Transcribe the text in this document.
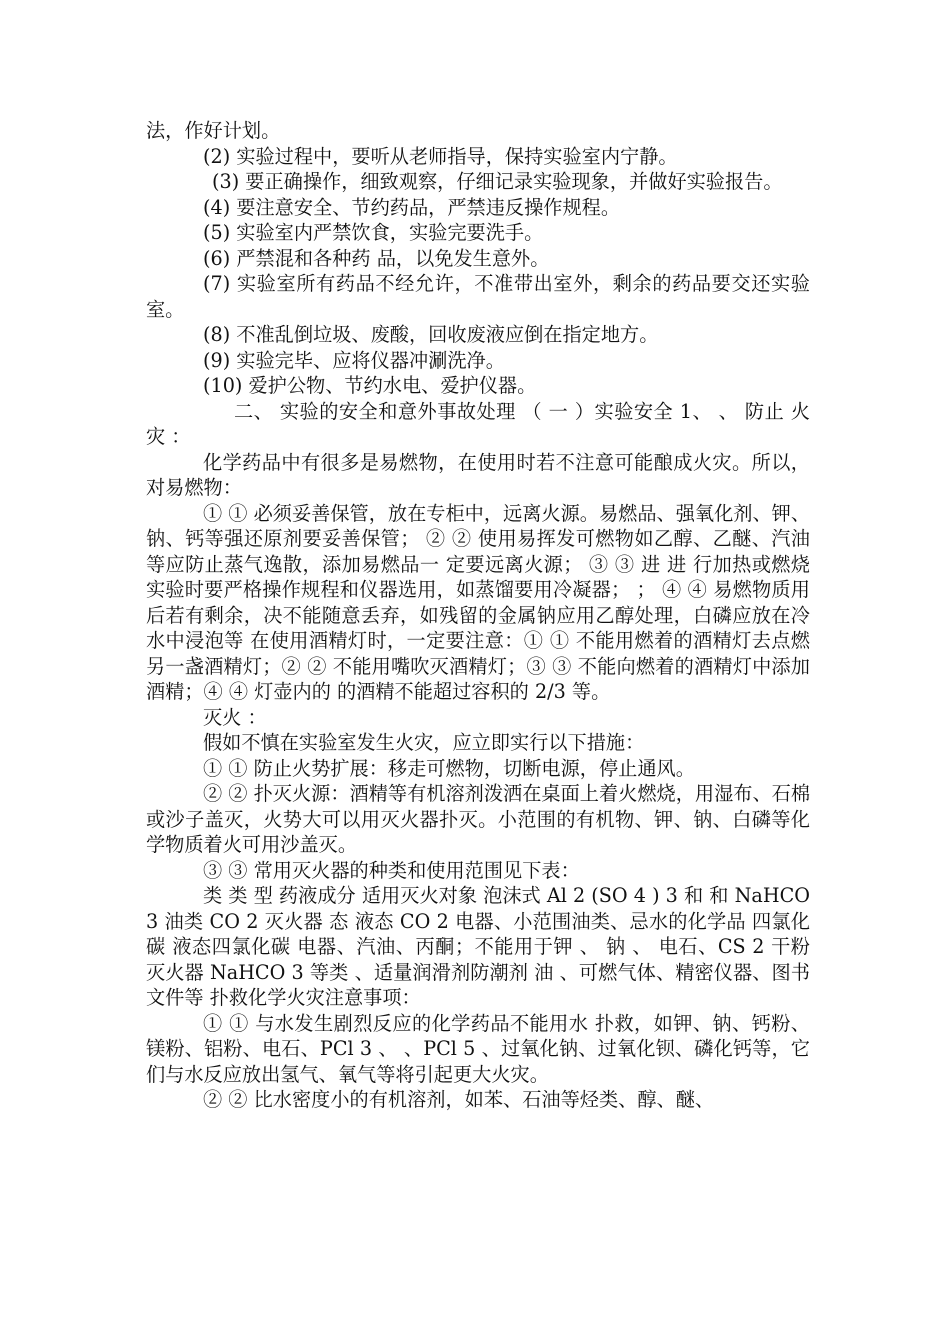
法，作好计划。

(2) 实验过程中，要听从老师指导，保持实验室内宁静。

(3) 要正确操作，细致观察，仔细记录实验现象，并做好实验报告。

(4) 要注意安全、节约药品，严禁违反操作规程。

(5) 实验室内严禁饮食，实验完要洗手。

(6) 严禁混和各种药 品，以免发生意外。

(7) 实验室所有药品不经允许，不准带出室外，剩余的药品要交还实验室。

(8) 不准乱倒垃圾、废酸，回收废液应倒在指定地方。

(9) 实验完毕、应将仪器冲涮洗净。

(10) 爱护公物、节约水电、爱护仪器。

二、 实验的安全和意外事故处理 （ 一 ）实验安全 1、 、 防止 火 灾 ：

化学药品中有很多是易燃物，在使用时若不注意可能酿成火灾。所以，对易燃物：

① ① 必须妥善保管，放在专柜中，远离火源。易燃品、强氧化剂、钾、钠、钙等强还原剂要妥善保管； ② ② 使用易挥发可燃物如乙醇、乙醚、汽油等应防止蒸气逸散，添加易燃品一 定要远离火源； ③ ③ 进 进 行加热或燃烧实验时要严格操作规程和仪器选用，如蒸馏要用冷凝器； ； ④ ④ 易燃物质用后若有剩余，决不能随意丢弃，如残留的金属钠应用乙醇处理，白磷应放在冷水中浸泡等 在使用酒精灯时，一定要注意：① ① 不能用燃着的酒精灯去点燃另一盏酒精灯；② ② 不能用嘴吹灭酒精灯；③ ③ 不能向燃着的酒精灯中添加酒精；④ ④ 灯壶内的 的酒精不能超过容积的 2/3 等。

灭火 ：

假如不慎在实验室发生火灾，应立即实行以下措施：

① ① 防止火势扩展：移走可燃物，切断电源，停止通风。

② ② 扑灭火源：酒精等有机溶剂泼洒在桌面上着火燃烧，用湿布、石棉或沙子盖灭，火势大可以用灭火器扑灭。小范围的有机物、钾、钠、白磷等化学物质着火可用沙盖灭。

③ ③ 常用灭火器的种类和使用范围见下表：

类 类 型 药液成分 适用灭火对象 泡沫式 Al 2 (SO 4 ) 3 和 和 NaHCO 3 油类 CO 2 灭火器 态 液态 CO 2 电器、小范围油类、忌水的化学品 四氯化碳 液态四氯化碳 电器、汽油、丙酮；不能用于钾 、 钠 、 电石、CS 2 干粉灭火器 NaHCO 3 等类 、适量润滑剂防潮剂 油 、可燃气体、精密仪器、图书文件等 扑救化学火灾注意事项：

① ① 与水发生剧烈反应的化学药品不能用水 扑救，如钾、钠、钙粉、镁粉、铝粉、电石、PCl 3 、 、PCl 5 、过氧化钠、过氧化钡、磷化钙等，它们与水反应放出氢气、氧气等将引起更大火灾。

② ② 比水密度小的有机溶剂，如苯、石油等烃类、醇、醚、
